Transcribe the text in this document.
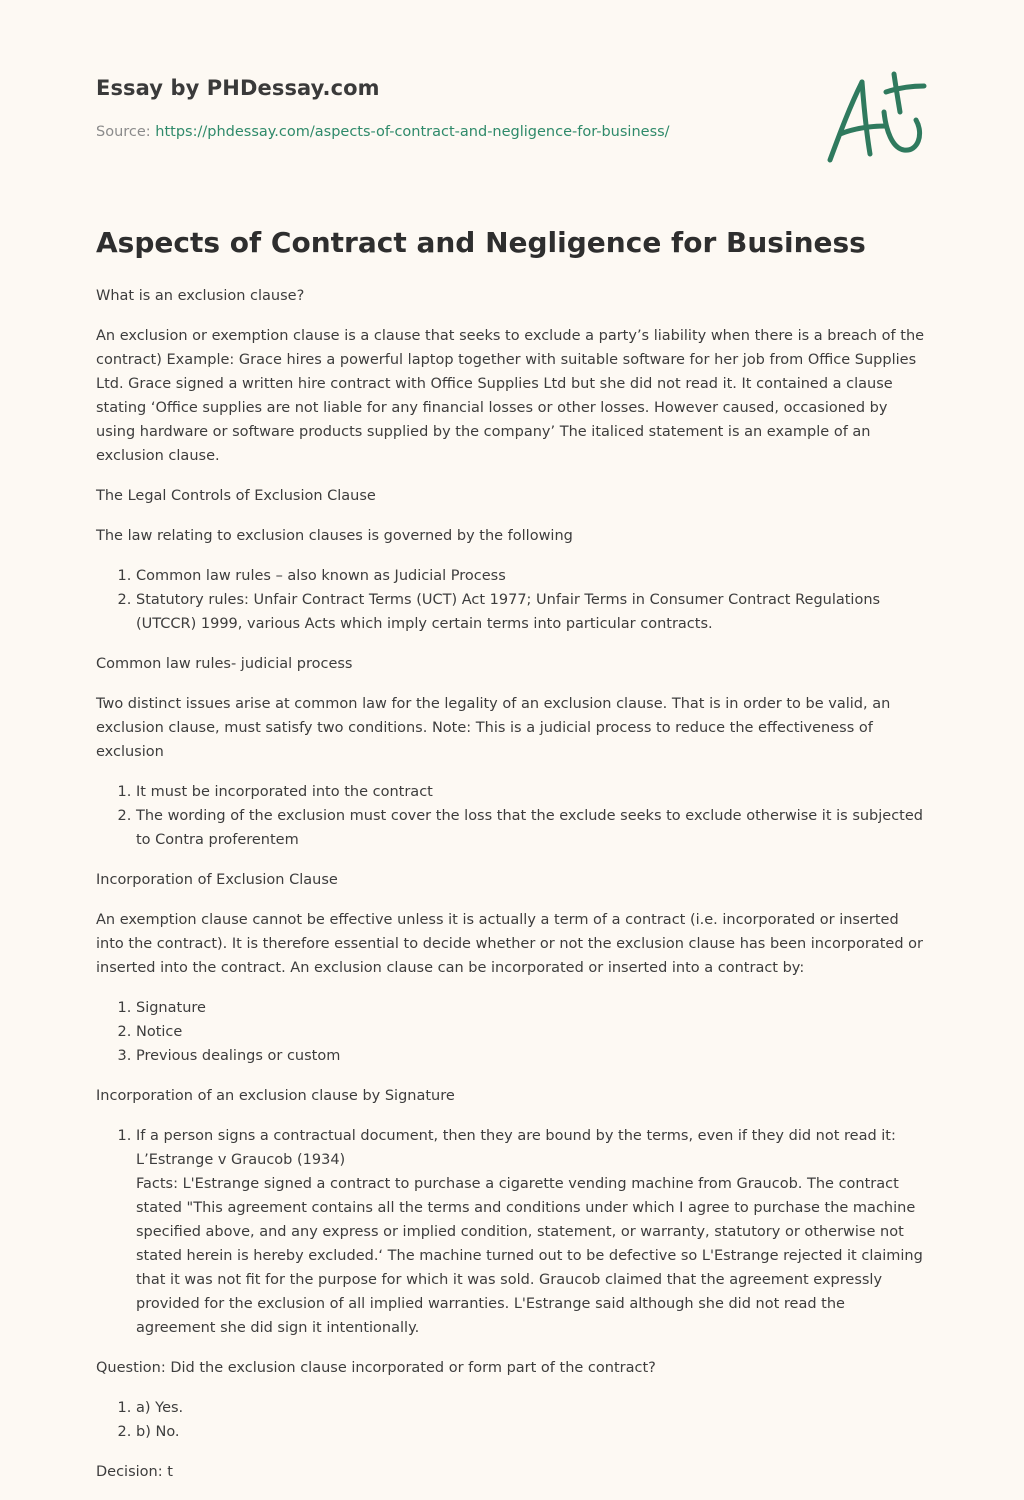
Essay by PHDessay.com
Source: https://phdessay.com/aspects-of-contract-and-negligence-for-business/
Aspects of Contract and Negligence for Business

What is an exclusion clause?

An exclusion or exemption clause is a clause that seeks to exclude a party’s liability when there is a breach of the contract) Example: Grace hires a powerful laptop together with suitable software for her job from Office Supplies Ltd. Grace signed a written hire contract with Office Supplies Ltd but she did not read it. It contained a clause stating ‘Office supplies are not liable for any financial losses or other losses. However caused, occasioned by using hardware or software products supplied by the company’ The italiced statement is an example of an exclusion clause.

The Legal Controls of Exclusion Clause

The law relating to exclusion clauses is governed by the following

1. Common law rules – also known as Judicial Process
2. Statutory rules: Unfair Contract Terms (UCT) Act 1977; Unfair Terms in Consumer Contract Regulations (UTCCR) 1999, various Acts which imply certain terms into particular contracts.

Common law rules- judicial process

Two distinct issues arise at common law for the legality of an exclusion clause. That is in order to be valid, an exclusion clause, must satisfy two conditions. Note: This is a judicial process to reduce the effectiveness of exclusion

1. It must be incorporated into the contract
2. The wording of the exclusion must cover the loss that the exclude seeks to exclude otherwise it is subjected to Contra proferentem

Incorporation of Exclusion Clause

An exemption clause cannot be effective unless it is actually a term of a contract (i.e. incorporated or inserted into the contract). It is therefore essential to decide whether or not the exclusion clause has been incorporated or inserted into the contract. An exclusion clause can be incorporated or inserted into a contract by:

1. Signature
2. Notice
3. Previous dealings or custom

Incorporation of an exclusion clause by Signature

1. If a person signs a contractual document, then they are bound by the terms, even if they did not read it: L’Estrange v Graucob (1934)
Facts: L'Estrange signed a contract to purchase a cigarette vending machine from Graucob. The contract stated "This agreement contains all the terms and conditions under which I agree to purchase the machine specified above, and any express or implied condition, statement, or warranty, statutory or otherwise not stated herein is hereby excluded.‘ The machine turned out to be defective so L'Estrange rejected it claiming that it was not fit for the purpose for which it was sold. Graucob claimed that the agreement expressly provided for the exclusion of all implied warranties. L'Estrange said although she did not read the agreement she did sign it intentionally.

Question: Did the exclusion clause incorporated or form part of the contract?

1. a) Yes.
2. b) No.

Decision: t
